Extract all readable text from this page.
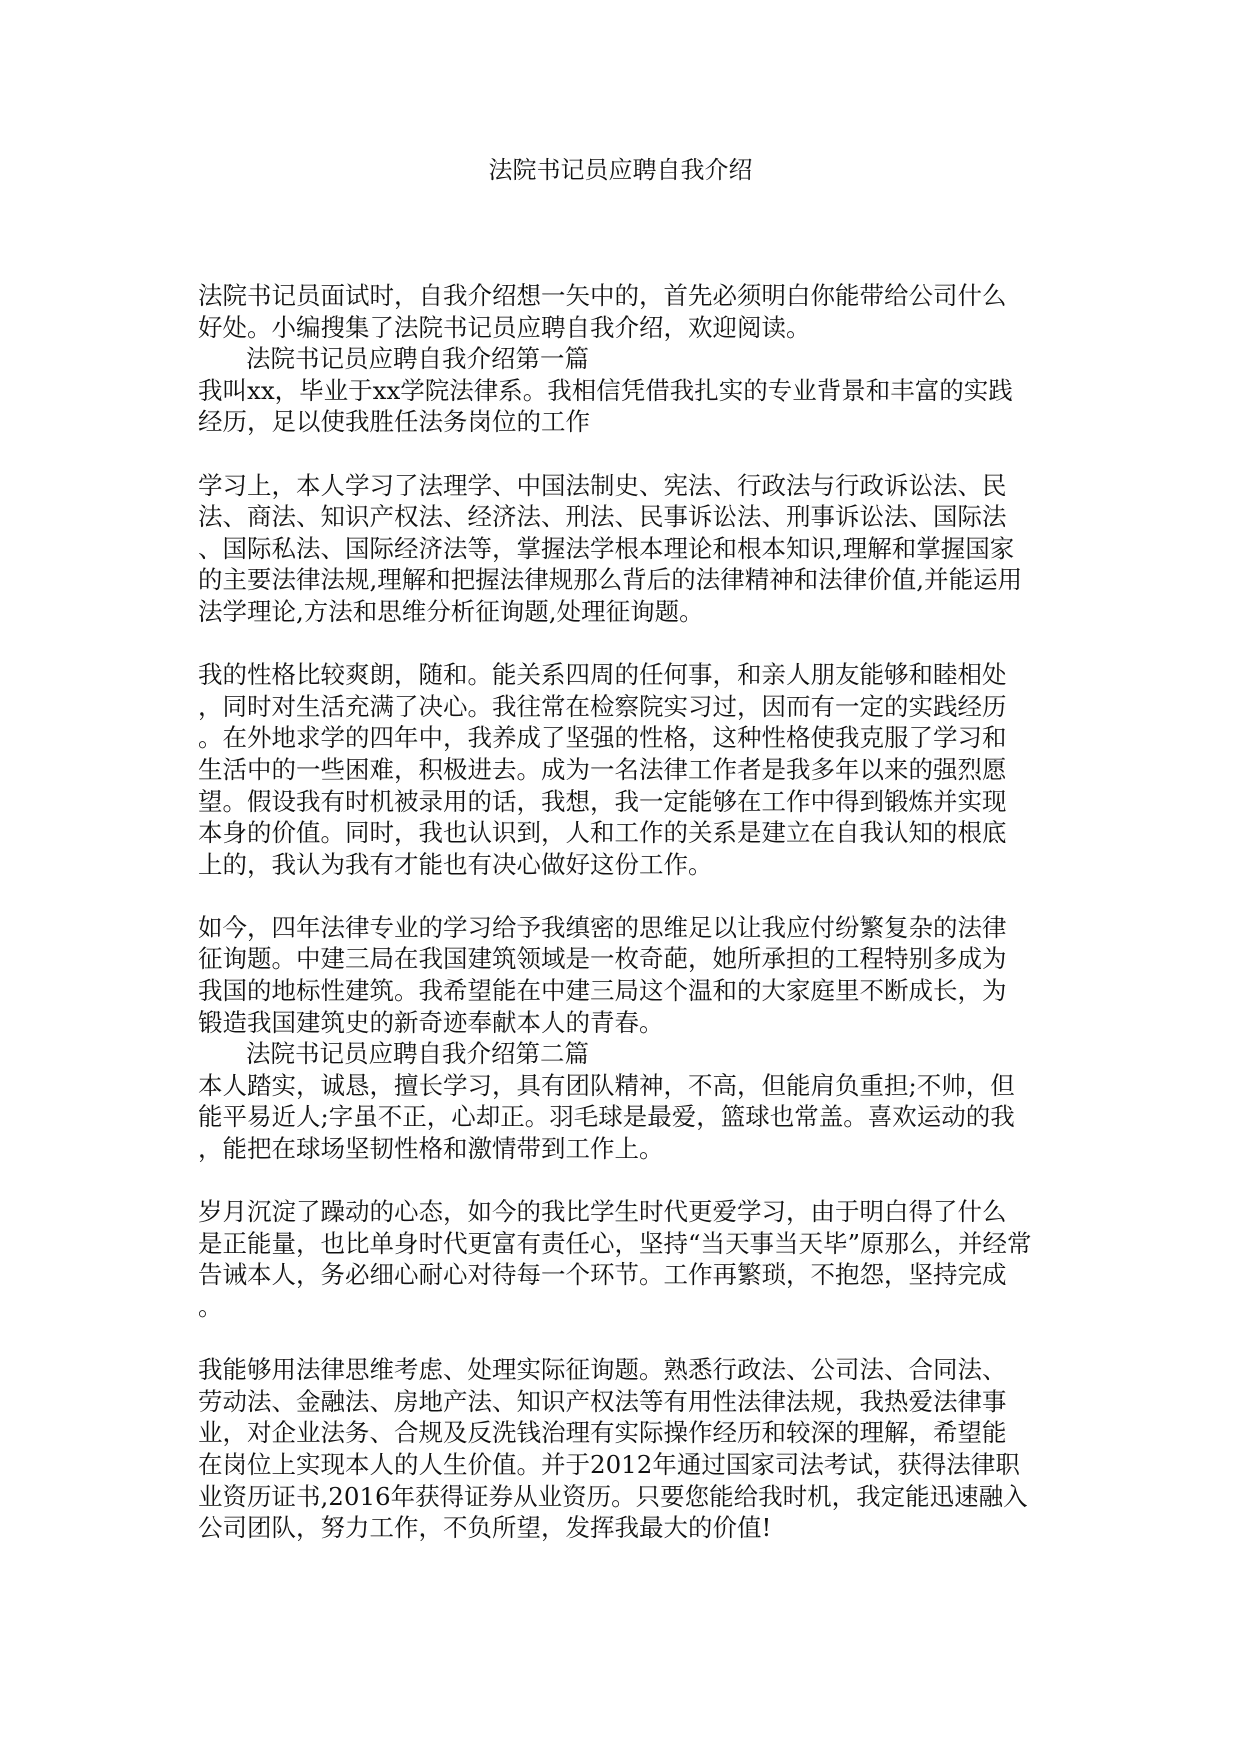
法院书记员应聘自我介绍

法院书记员面试时，自我介绍想一矢中的，首先必须明白你能带给公司什么

好处。小编搜集了法院书记员应聘自我介绍，欢迎阅读。

法院书记员应聘自我介绍第一篇

我叫xx，毕业于xx学院法律系。我相信凭借我扎实的专业背景和丰富的实践

经历，足以使我胜任法务岗位的工作

学习上，本人学习了法理学、中国法制史、宪法、行政法与行政诉讼法、民

法、商法、知识产权法、经济法、刑法、民事诉讼法、刑事诉讼法、国际法

、国际私法、国际经济法等，掌握法学根本理论和根本知识,理解和掌握国家

的主要法律法规,理解和把握法律规那么背后的法律精神和法律价值,并能运用

法学理论,方法和思维分析征询题,处理征询题。

我的性格比较爽朗，随和。能关系四周的任何事，和亲人朋友能够和睦相处

，同时对生活充满了决心。我往常在检察院实习过，因而有一定的实践经历

。在外地求学的四年中，我养成了坚强的性格，这种性格使我克服了学习和

生活中的一些困难，积极进去。成为一名法律工作者是我多年以来的强烈愿

望。假设我有时机被录用的话，我想，我一定能够在工作中得到锻炼并实现

本身的价值。同时，我也认识到，人和工作的关系是建立在自我认知的根底

上的，我认为我有才能也有决心做好这份工作。

如今，四年法律专业的学习给予我缜密的思维足以让我应付纷繁复杂的法律

征询题。中建三局在我国建筑领域是一枚奇葩，她所承担的工程特别多成为

我国的地标性建筑。我希望能在中建三局这个温和的大家庭里不断成长，为

锻造我国建筑史的新奇迹奉献本人的青春。

法院书记员应聘自我介绍第二篇

本人踏实，诚恳，擅长学习，具有团队精神，不高，但能肩负重担;不帅，但

能平易近人;字虽不正，心却正。羽毛球是最爱，篮球也常盖。喜欢运动的我

，能把在球场坚韧性格和激情带到工作上。

岁月沉淀了躁动的心态，如今的我比学生时代更爱学习，由于明白得了什么

是正能量，也比单身时代更富有责任心，坚持“当天事当天毕”原那么，并经常

告诫本人，务必细心耐心对待每一个环节。工作再繁琐，不抱怨，坚持完成

。

我能够用法律思维考虑、处理实际征询题。熟悉行政法、公司法、合同法、

劳动法、金融法、房地产法、知识产权法等有用性法律法规，我热爱法律事

业，对企业法务、合规及反洗钱治理有实际操作经历和较深的理解，希望能

在岗位上实现本人的人生价值。并于2012年通过国家司法考试，获得法律职

业资历证书,2016年获得证券从业资历。只要您能给我时机，我定能迅速融入

公司团队，努力工作，不负所望，发挥我最大的价值!
